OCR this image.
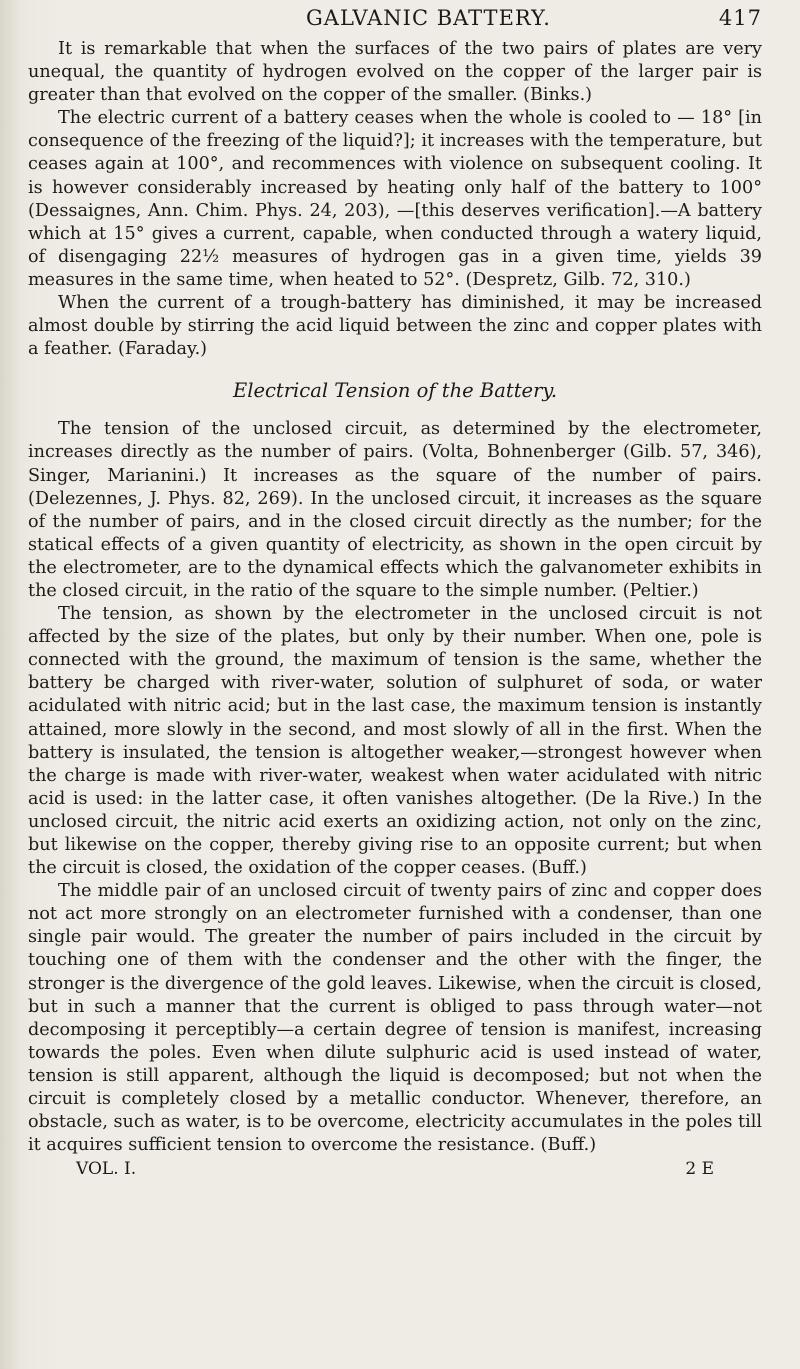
GALVANIC BATTERY.	417

It is remarkable that when the surfaces of the two pairs of plates are very unequal, the quantity of hydrogen evolved on the copper of the larger pair is greater than that evolved on the copper of the smaller. (Binks.)

The electric current of a battery ceases when the whole is cooled to — 18° [in consequence of the freezing of the liquid?]; it increases with the temperature, but ceases again at 100°, and recommences with violence on subsequent cooling. It is however considerably increased by heating only half of the battery to 100° (Dessaignes, Ann. Chim. Phys. 24, 203), —[this deserves verification].—A battery which at 15° gives a current, capable, when conducted through a watery liquid, of disengaging 22½ measures of hydrogen gas in a given time, yields 39 measures in the same time, when heated to 52°. (Despretz, Gilb. 72, 310.)

When the current of a trough-battery has diminished, it may be increased almost double by stirring the acid liquid between the zinc and copper plates with a feather. (Faraday.)

Electrical Tension of the Battery.

The tension of the unclosed circuit, as determined by the electrometer, increases directly as the number of pairs. (Volta, Bohnenberger (Gilb. 57, 346), Singer, Marianini.) It increases as the square of the number of pairs. (Delezennes, J. Phys. 82, 269). In the unclosed circuit, it increases as the square of the number of pairs, and in the closed circuit directly as the number; for the statical effects of a given quantity of electricity, as shown in the open circuit by the electrometer, are to the dynamical effects which the galvanometer exhibits in the closed circuit, in the ratio of the square to the simple number. (Peltier.)

The tension, as shown by the electrometer in the unclosed circuit is not affected by the size of the plates, but only by their number. When one, pole is connected with the ground, the maximum of tension is the same, whether the battery be charged with river-water, solution of sulphuret of soda, or water acidulated with nitric acid; but in the last case, the maximum tension is instantly attained, more slowly in the second, and most slowly of all in the first. When the battery is insulated, the tension is altogether weaker,—strongest however when the charge is made with river-water, weakest when water acidulated with nitric acid is used: in the latter case, it often vanishes altogether. (De la Rive.) In the unclosed circuit, the nitric acid exerts an oxidizing action, not only on the zinc, but likewise on the copper, thereby giving rise to an opposite current; but when the circuit is closed, the oxidation of the copper ceases. (Buff.)

The middle pair of an unclosed circuit of twenty pairs of zinc and copper does not act more strongly on an electrometer furnished with a condenser, than one single pair would. The greater the number of pairs included in the circuit by touching one of them with the condenser and the other with the finger, the stronger is the divergence of the gold leaves. Likewise, when the circuit is closed, but in such a manner that the current is obliged to pass through water—not decomposing it perceptibly—a certain degree of tension is manifest, increasing towards the poles. Even when dilute sulphuric acid is used instead of water, tension is still apparent, although the liquid is decomposed; but not when the circuit is completely closed by a metallic conductor. Whenever, therefore, an obstacle, such as water, is to be overcome, electricity accumulates in the poles till it acquires sufficient tension to overcome the resistance. (Buff.)

VOL. I.	2 E
